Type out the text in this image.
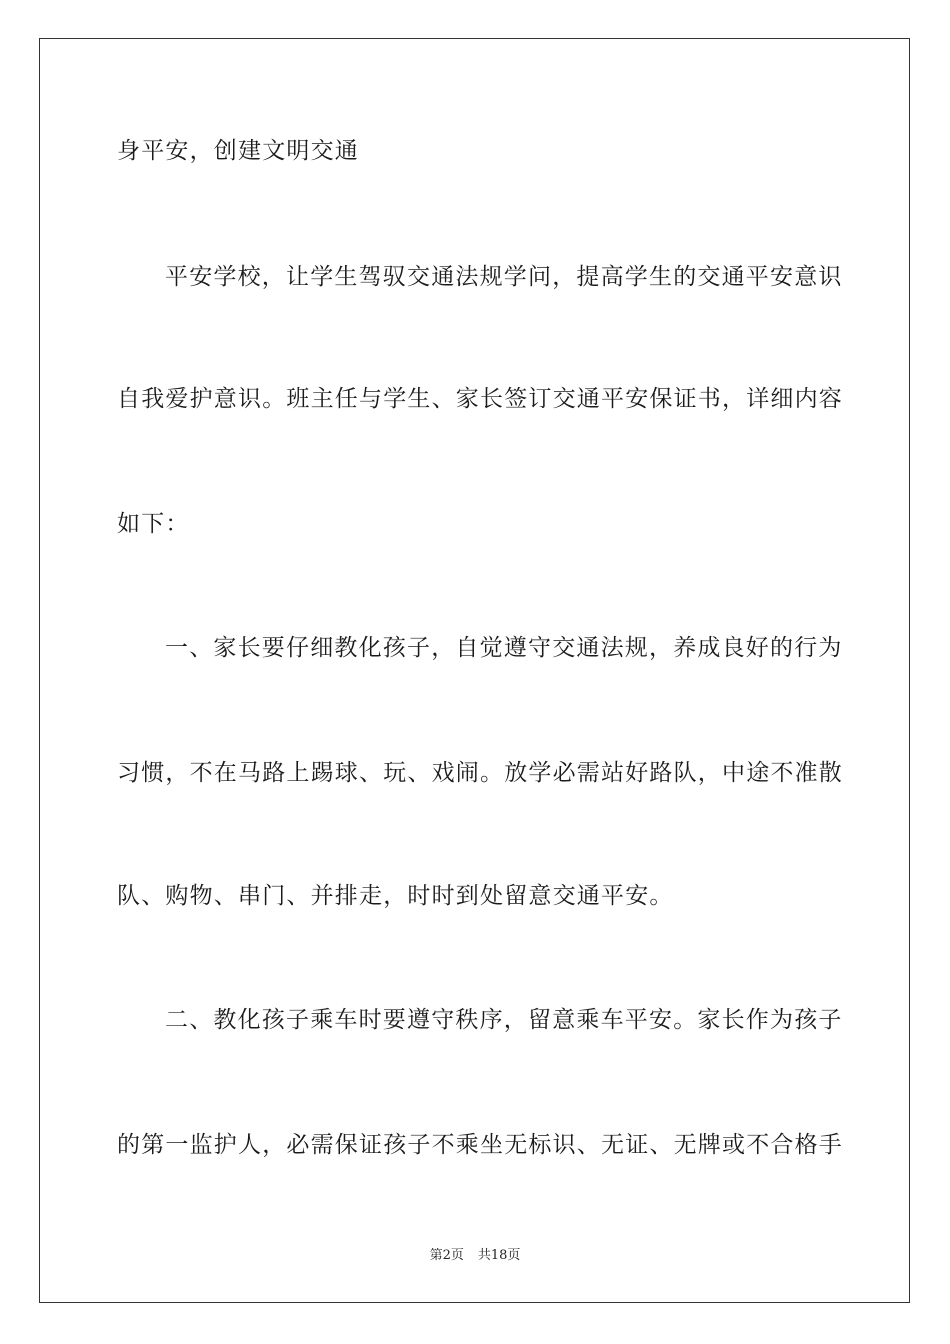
身平安，创建文明交通
平安学校，让学生驾驭交通法规学问，提高学生的交通平安意识
自我爱护意识。班主任与学生、家长签订交通平安保证书，详细内容
如下：
一、家长要仔细教化孩子，自觉遵守交通法规，养成良好的行为
习惯，不在马路上踢球、玩、戏闹。放学必需站好路队，中途不准散
队、购物、串门、并排走，时时到处留意交通平安。
二、教化孩子乘车时要遵守秩序，留意乘车平安。家长作为孩子
的第一监护人，必需保证孩子不乘坐无标识、无证、无牌或不合格手
第2页 共18页
